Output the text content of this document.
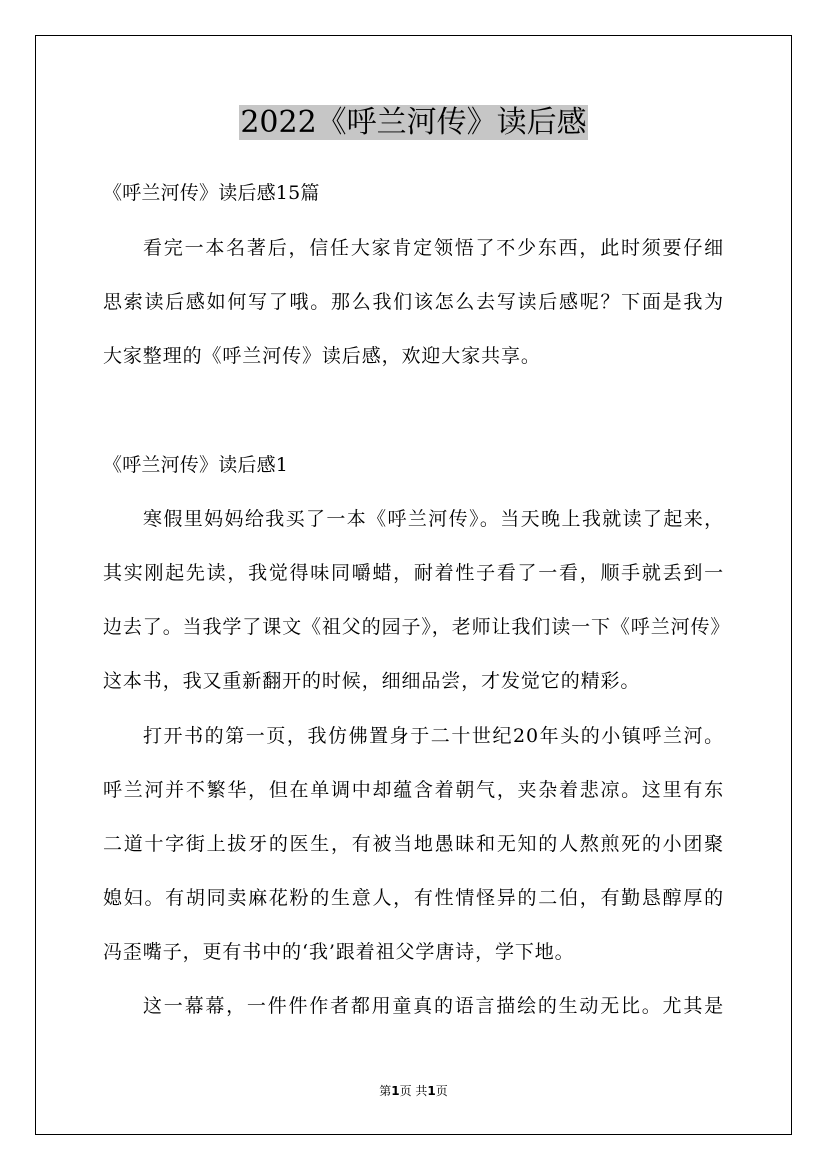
2022《呼兰河传》读后感
《呼兰河传》读后感15篇
看完一本名著后，信任大家肯定领悟了不少东西，此时须要仔细
思索读后感如何写了哦。那么我们该怎么去写读后感呢？下面是我为
大家整理的《呼兰河传》读后感，欢迎大家共享。
《呼兰河传》读后感1
寒假里妈妈给我买了一本《呼兰河传》。当天晚上我就读了起来，
其实刚起先读，我觉得味同嚼蜡，耐着性子看了一看，顺手就丢到一
边去了。当我学了课文《祖父的园子》，老师让我们读一下《呼兰河传》
这本书，我又重新翻开的时候，细细品尝，才发觉它的精彩。
打开书的第一页，我仿佛置身于二十世纪20年头的小镇呼兰河。
呼兰河并不繁华，但在单调中却蕴含着朝气，夹杂着悲凉。这里有东
二道十字街上拔牙的医生，有被当地愚昧和无知的人熬煎死的小团聚
媳妇。有胡同卖麻花粉的生意人，有性情怪异的二伯，有勤恳醇厚的
冯歪嘴子，更有书中的‘我’跟着祖父学唐诗，学下地。
这一幕幕，一件件作者都用童真的语言描绘的生动无比。尤其是
第1页 共1页
